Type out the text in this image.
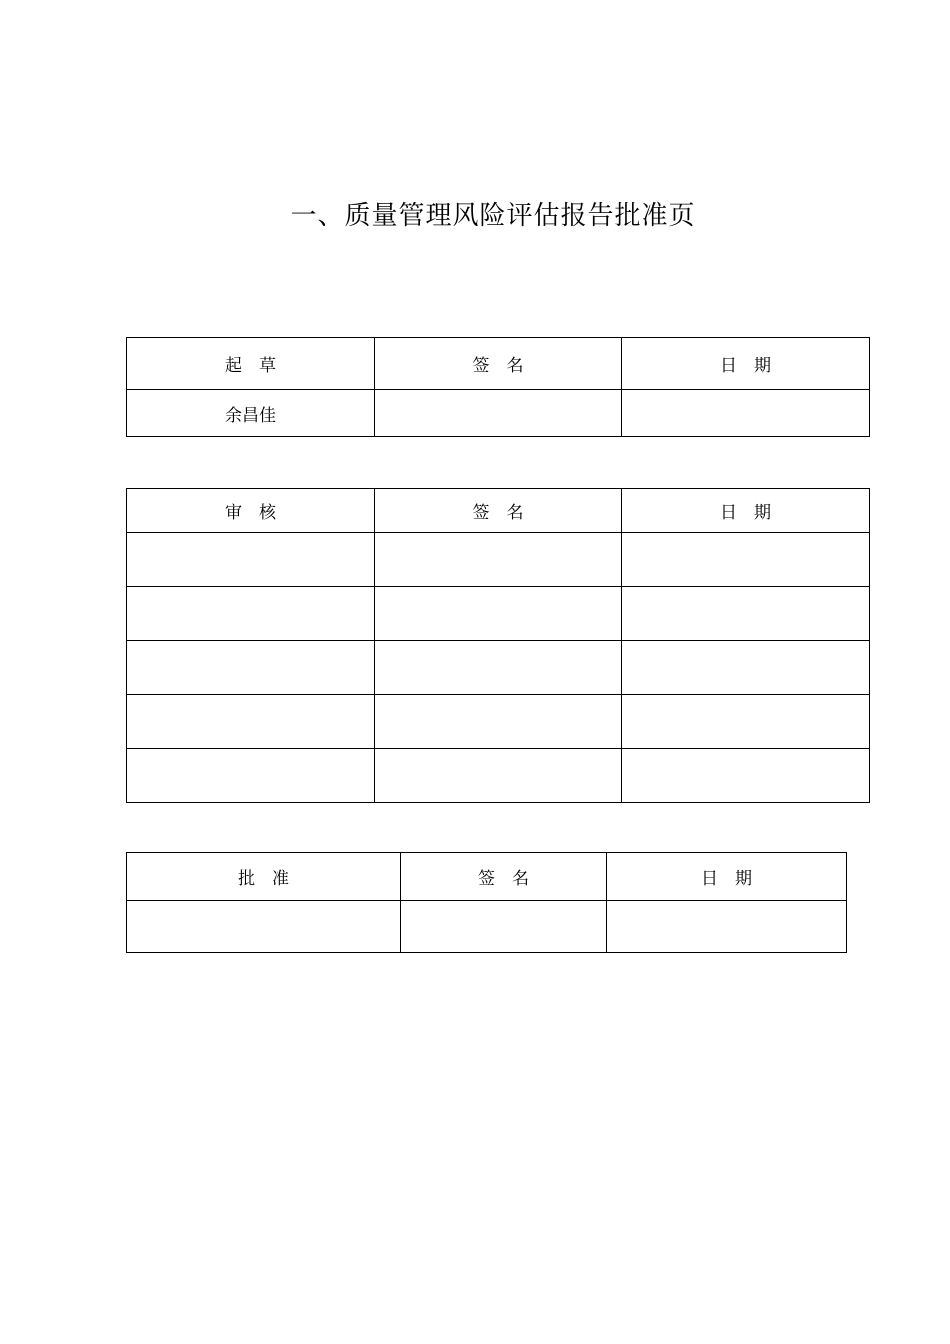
一、质量管理风险评估报告批准页
起　草	签　名	日　期
余昌佳		
审　核	签　名	日　期

批　准	签　名	日　期
